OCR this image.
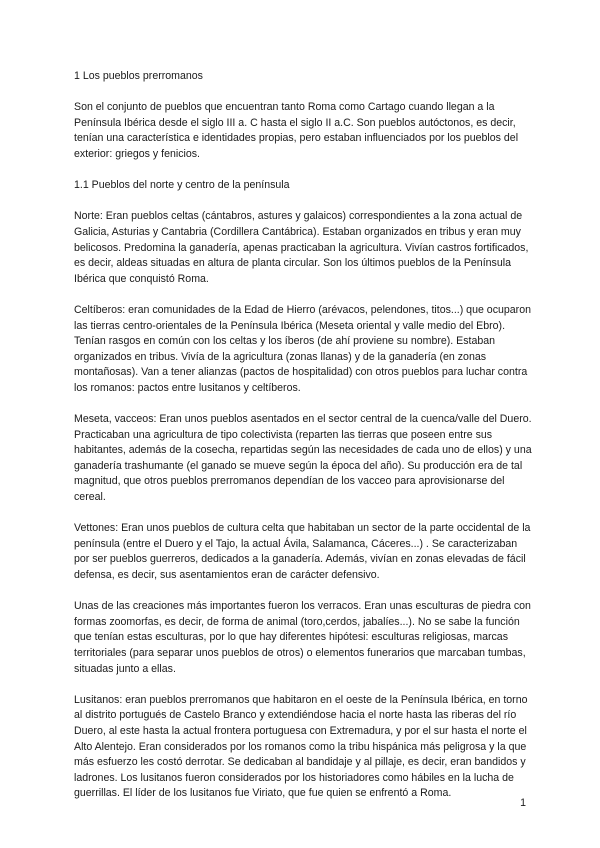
1 Los pueblos prerromanos

Son el conjunto de pueblos que encuentran tanto Roma como Cartago cuando llegan a la Península Ibérica desde el siglo III a. C hasta el siglo II a.C. Son pueblos autóctonos, es decir, tenían una característica e identidades propias, pero estaban influenciados por los pueblos del exterior: griegos y fenicios.

1.1 Pueblos del norte y centro de la península

Norte: Eran pueblos celtas (cántabros, astures y galaicos) correspondientes a la zona actual de Galicia, Asturias y Cantabria (Cordillera Cantábrica). Estaban organizados en tribus y eran muy belicosos. Predomina la ganadería, apenas practicaban la agricultura. Vivían castros fortificados, es decir, aldeas situadas en altura de planta circular. Son los últimos pueblos de la Península Ibérica que conquistó Roma.

Celtíberos: eran comunidades de la Edad de Hierro (arévacos, pelendones, titos...) que ocuparon las tierras centro-orientales de la Península Ibérica (Meseta oriental y valle medio del Ebro). Tenían rasgos en común con los celtas y los íberos (de ahí proviene su nombre). Estaban organizados en tribus. Vivía de la agricultura (zonas llanas) y de la ganadería (en zonas montañosas). Van a tener alianzas (pactos de hospitalidad) con otros pueblos para luchar contra los romanos: pactos entre lusitanos y celtíberos.

Meseta, vacceos: Eran unos pueblos asentados en el sector central de la cuenca/valle del Duero. Practicaban una agricultura de tipo colectivista (reparten las tierras que poseen entre sus habitantes, además de la cosecha, repartidas según las necesidades de cada uno de ellos) y una ganadería trashumante (el ganado se mueve según la época del año). Su producción era de tal magnitud, que otros pueblos prerromanos dependían de los vacceo para aprovisionarse del cereal.

Vettones: Eran unos pueblos de cultura celta que habitaban un sector de la parte occidental de la península (entre el Duero y el Tajo, la actual Ávila, Salamanca, Cáceres...) . Se caracterizaban por ser pueblos guerreros, dedicados a la ganadería. Además, vivían en zonas elevadas de fácil defensa, es decir, sus asentamientos eran de carácter defensivo.

Unas de las creaciones más importantes fueron los verracos. Eran unas esculturas de piedra con formas zoomorfas, es decir, de forma de animal (toro,cerdos, jabalíes...). No se sabe la función que tenían estas esculturas, por lo que hay diferentes hipótesi: esculturas religiosas, marcas territoriales (para separar unos pueblos de otros) o elementos funerarios que marcaban tumbas, situadas junto a ellas.

Lusitanos: eran pueblos prerromanos que habitaron en el oeste de la Península Ibérica, en torno al distrito portugués de Castelo Branco y extendiéndose hacia el norte hasta las riberas del río Duero, al este hasta la actual frontera portuguesa con Extremadura, y por el sur hasta el norte el Alto Alentejo. Eran considerados por los romanos como la tribu hispánica más peligrosa y la que más esfuerzo les costó derrotar. Se dedicaban al bandidaje y al pillaje, es decir, eran bandidos y ladrones. Los lusitanos fueron considerados por los historiadores como hábiles en la lucha de guerrillas. El líder de los lusitanos fue Viriato, que fue quien se enfrentó a Roma.

1
